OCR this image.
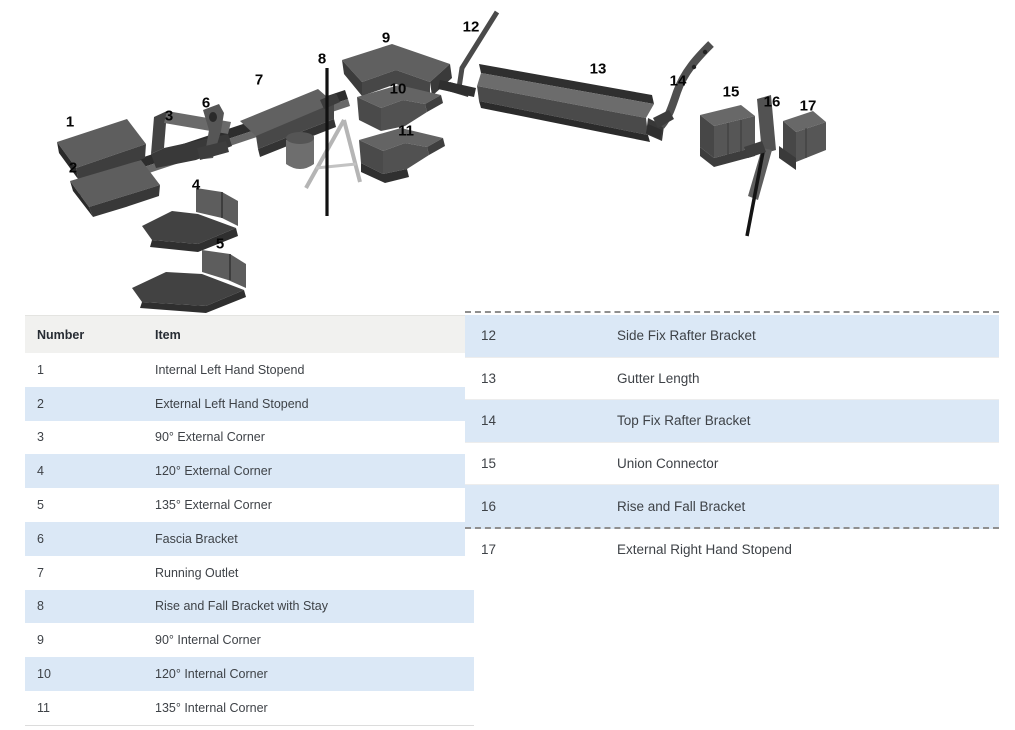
1
2
3
4
5
6
7
8
9
10
11
12
13
14
15
16 17
Number	Item
1	Internal Left Hand Stopend
2	External Left Hand Stopend
3	90° External Corner
4	120° External Corner
5	135° External Corner
6	Fascia Bracket
7	Running Outlet
8	Rise and Fall Bracket with Stay
9	90° Internal Corner
10	120° Internal Corner
11	135° Internal Corner
12	Side Fix Rafter Bracket
13	Gutter Length
14	Top Fix Rafter Bracket
15	Union Connector
16	Rise and Fall Bracket
17	External Right Hand Stopend
